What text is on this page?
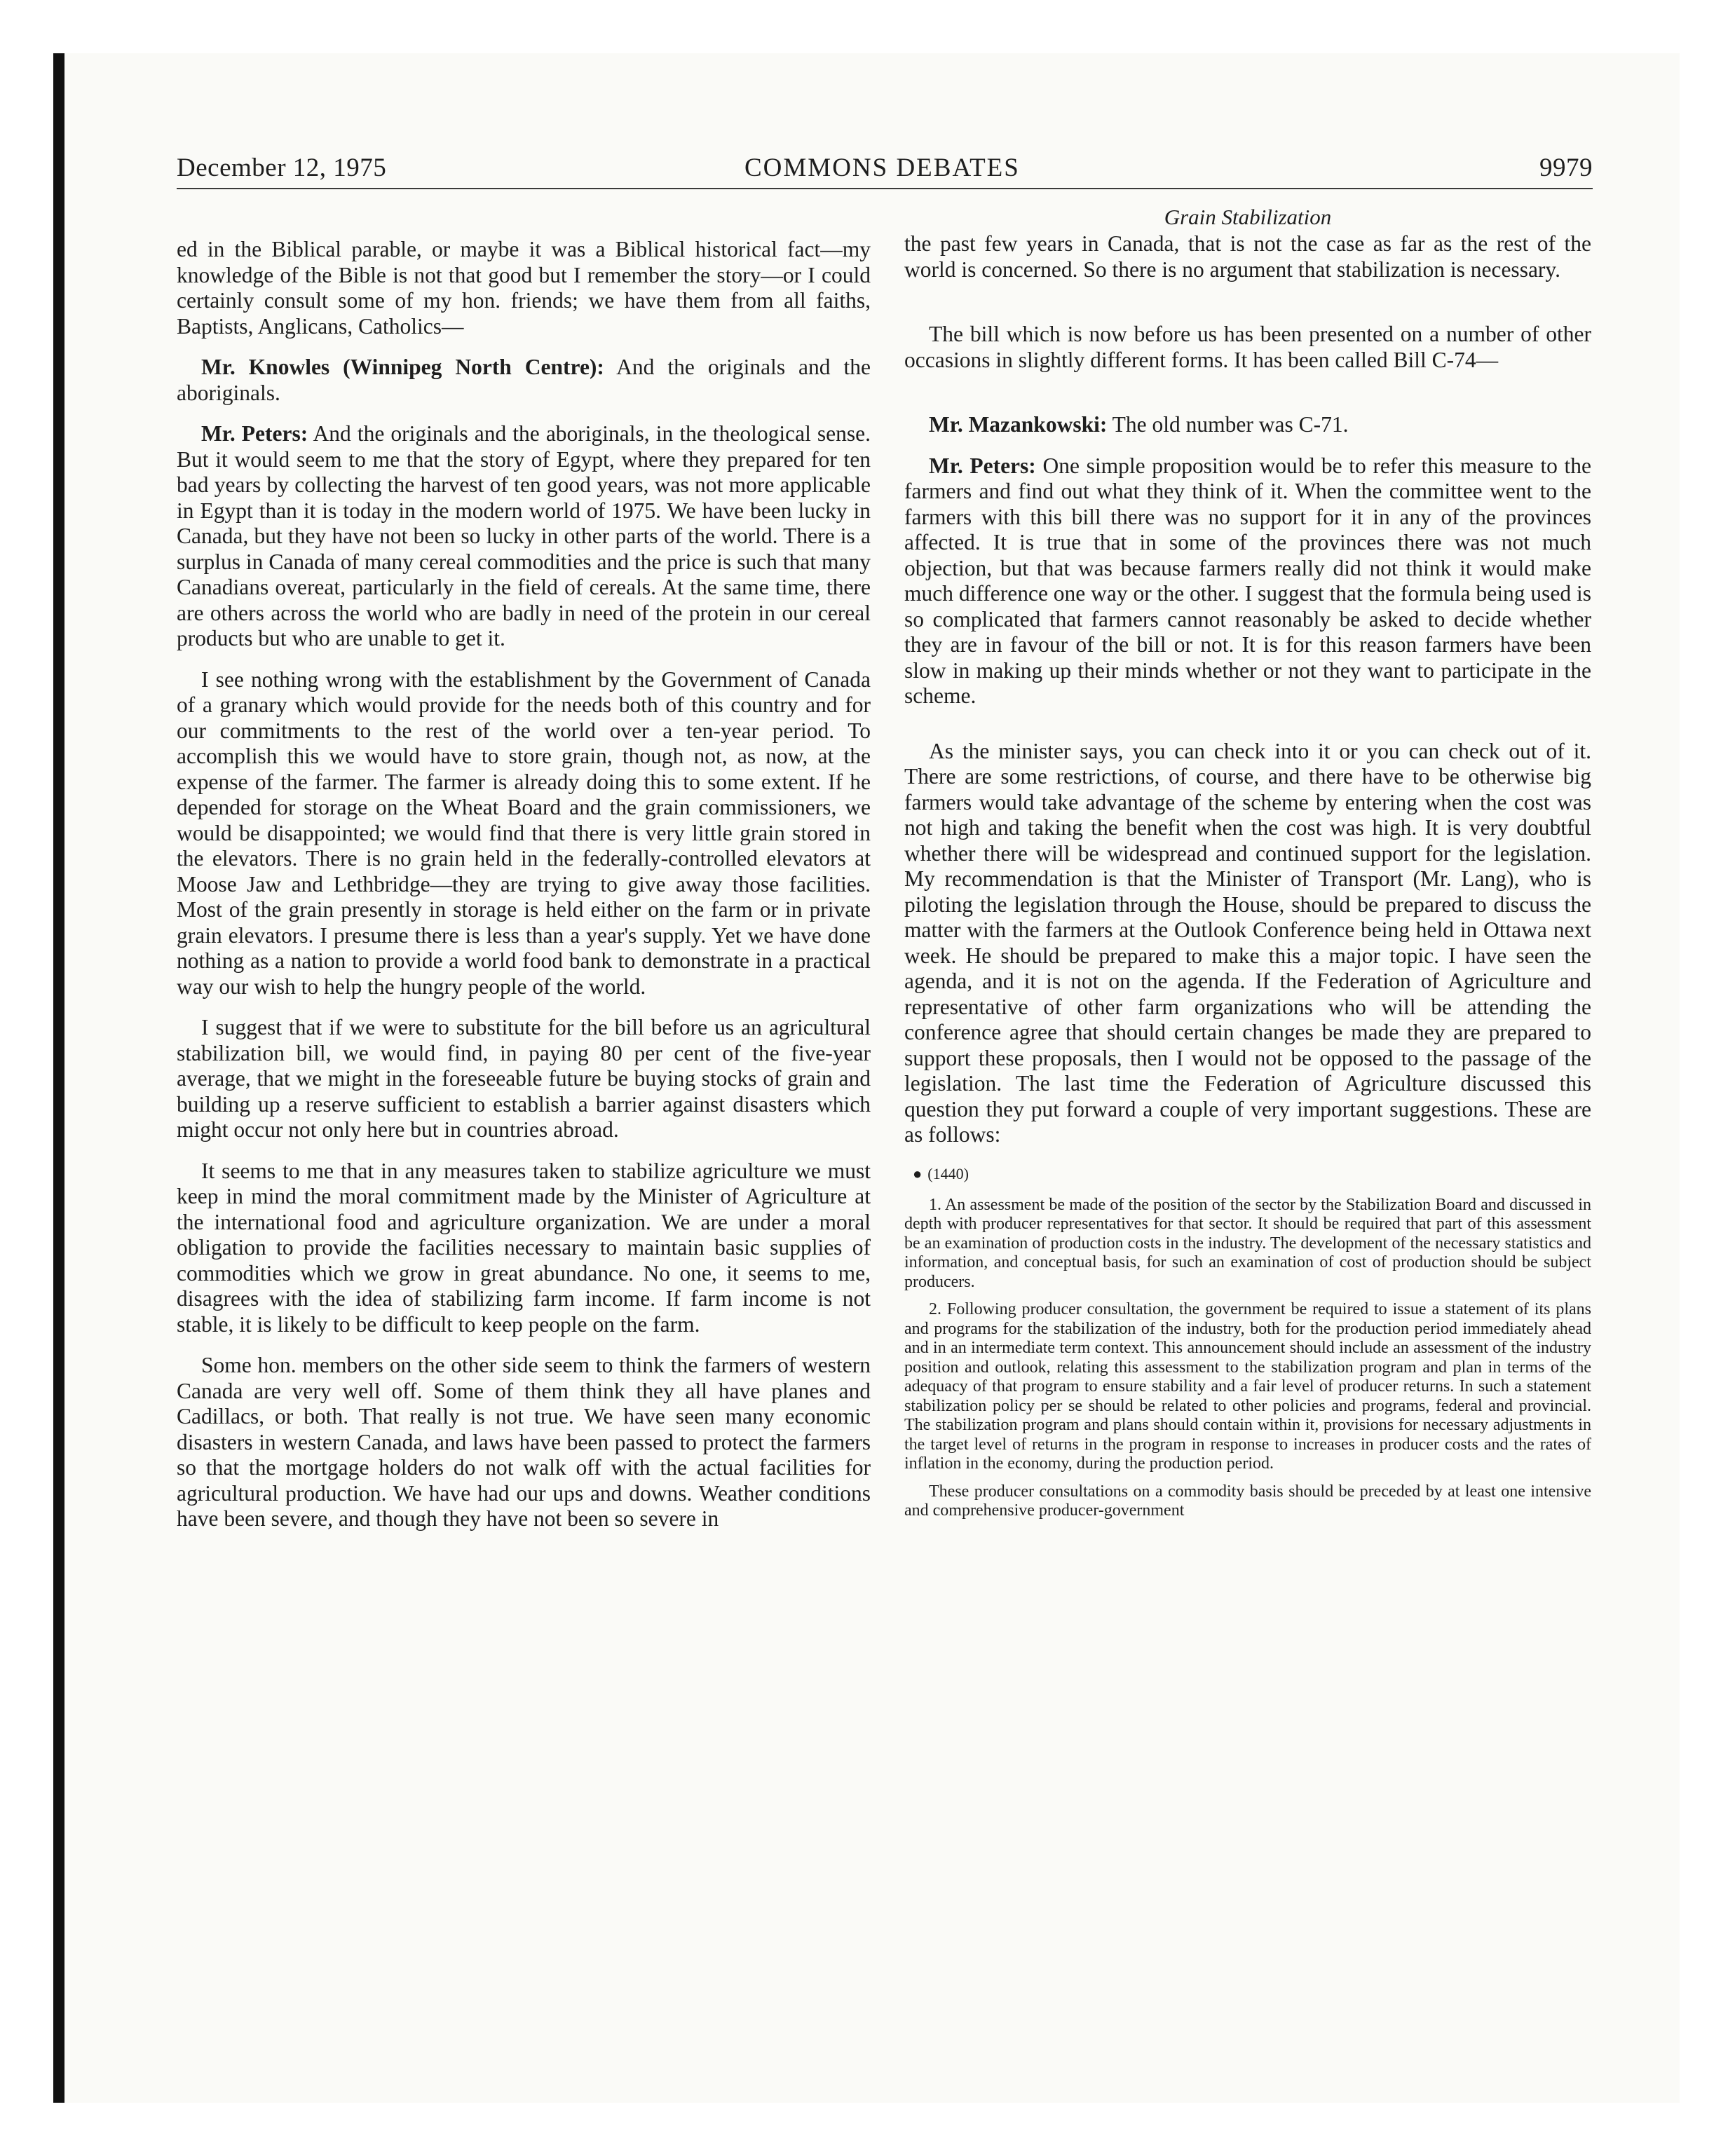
December 12, 1975	COMMONS DEBATES	9979

ed in the Biblical parable, or maybe it was a Biblical historical fact—my knowledge of the Bible is not that good but I remember the story—or I could certainly consult some of my hon. friends; we have them from all faiths, Baptists, Anglicans, Catholics—

Mr. Knowles (Winnipeg North Centre): And the originals and the aboriginals.

Mr. Peters: And the originals and the aboriginals, in the theological sense. But it would seem to me that the story of Egypt, where they prepared for ten bad years by collecting the harvest of ten good years, was not more applicable in Egypt than it is today in the modern world of 1975. We have been lucky in Canada, but they have not been so lucky in other parts of the world. There is a surplus in Canada of many cereal commodities and the price is such that many Canadians overeat, particularly in the field of cereals. At the same time, there are others across the world who are badly in need of the protein in our cereal products but who are unable to get it.

I see nothing wrong with the establishment by the Government of Canada of a granary which would provide for the needs both of this country and for our commitments to the rest of the world over a ten-year period. To accomplish this we would have to store grain, though not, as now, at the expense of the farmer. The farmer is already doing this to some extent. If he depended for storage on the Wheat Board and the grain commissioners, we would be disappointed; we would find that there is very little grain stored in the elevators. There is no grain held in the federally-controlled elevators at Moose Jaw and Lethbridge—they are trying to give away those facilities. Most of the grain presently in storage is held either on the farm or in private grain elevators. I presume there is less than a year's supply. Yet we have done nothing as a nation to provide a world food bank to demonstrate in a practical way our wish to help the hungry people of the world.

I suggest that if we were to substitute for the bill before us an agricultural stabilization bill, we would find, in paying 80 per cent of the five-year average, that we might in the foreseeable future be buying stocks of grain and building up a reserve sufficient to establish a barrier against disasters which might occur not only here but in countries abroad.

It seems to me that in any measures taken to stabilize agriculture we must keep in mind the moral commitment made by the Minister of Agriculture at the international food and agriculture organization. We are under a moral obligation to provide the facilities necessary to maintain basic supplies of commodities which we grow in great abundance. No one, it seems to me, disagrees with the idea of stabilizing farm income. If farm income is not stable, it is likely to be difficult to keep people on the farm.

Some hon. members on the other side seem to think the farmers of western Canada are very well off. Some of them think they all have planes and Cadillacs, or both. That really is not true. We have seen many economic disasters in western Canada, and laws have been passed to protect the farmers so that the mortgage holders do not walk off with the actual facilities for agricultural production. We have had our ups and downs. Weather conditions have been severe, and though they have not been so severe in

Grain Stabilization

the past few years in Canada, that is not the case as far as the rest of the world is concerned. So there is no argument that stabilization is necessary.

The bill which is now before us has been presented on a number of other occasions in slightly different forms. It has been called Bill C-74—

Mr. Mazankowski: The old number was C-71.

Mr. Peters: One simple proposition would be to refer this measure to the farmers and find out what they think of it. When the committee went to the farmers with this bill there was no support for it in any of the provinces affected. It is true that in some of the provinces there was not much objection, but that was because farmers really did not think it would make much difference one way or the other. I suggest that the formula being used is so complicated that farmers cannot reasonably be asked to decide whether they are in favour of the bill or not. It is for this reason farmers have been slow in making up their minds whether or not they want to participate in the scheme.

As the minister says, you can check into it or you can check out of it. There are some restrictions, of course, and there have to be otherwise big farmers would take advantage of the scheme by entering when the cost was not high and taking the benefit when the cost was high. It is very doubtful whether there will be widespread and continued support for the legislation. My recommendation is that the Minister of Transport (Mr. Lang), who is piloting the legislation through the House, should be prepared to discuss the matter with the farmers at the Outlook Conference being held in Ottawa next week. He should be prepared to make this a major topic. I have seen the agenda, and it is not on the agenda. If the Federation of Agriculture and representative of other farm organizations who will be attending the conference agree that should certain changes be made they are prepared to support these proposals, then I would not be opposed to the passage of the legislation. The last time the Federation of Agriculture discussed this question they put forward a couple of very important suggestions. These are as follows:

● (1440)

1. An assessment be made of the position of the sector by the Stabilization Board and discussed in depth with producer representatives for that sector. It should be required that part of this assessment be an examination of production costs in the industry. The development of the necessary statistics and information, and conceptual basis, for such an examination of cost of production should be subject producers.

2. Following producer consultation, the government be required to issue a statement of its plans and programs for the stabilization of the industry, both for the production period immediately ahead and in an intermediate term context. This announcement should include an assessment of the industry position and outlook, relating this assessment to the stabilization program and plan in terms of the adequacy of that program to ensure stability and a fair level of producer returns. In such a statement stabilization policy per se should be related to other policies and programs, federal and provincial. The stabilization program and plans should contain within it, provisions for necessary adjustments in the target level of returns in the program in response to increases in producer costs and the rates of inflation in the economy, during the production period.

These producer consultations on a commodity basis should be preceded by at least one intensive and comprehensive producer-government
